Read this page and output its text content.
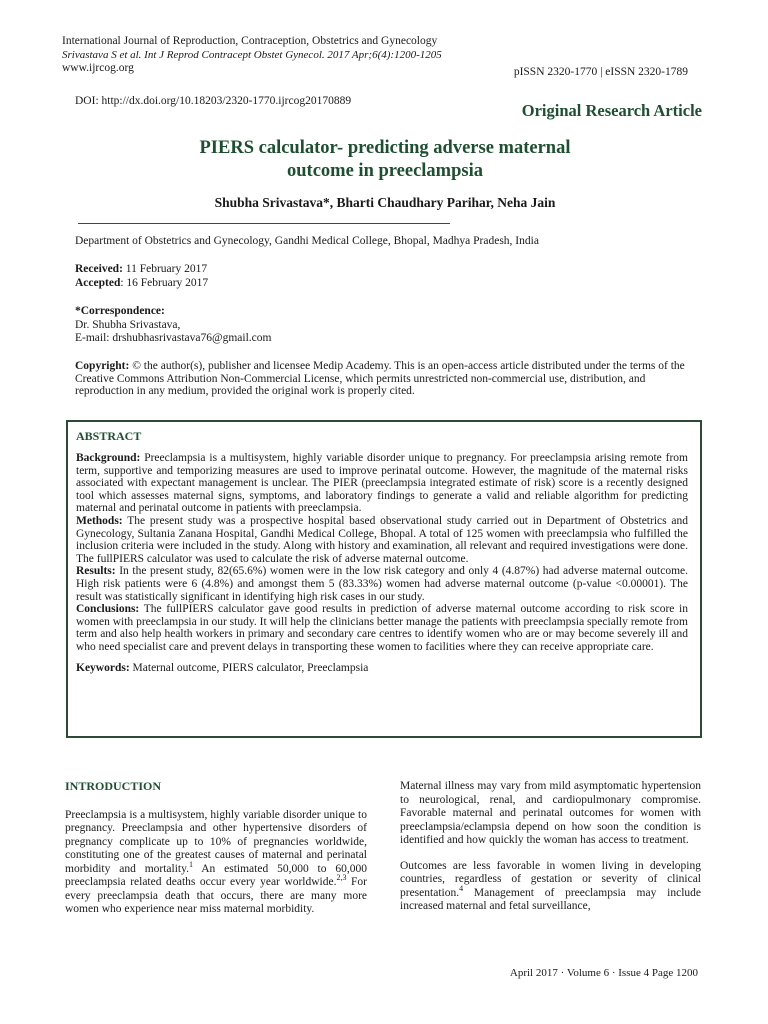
International Journal of Reproduction, Contraception, Obstetrics and Gynecology
Srivastava S et al. Int J Reprod Contracept Obstet Gynecol. 2017 Apr;6(4):1200-1205
www.ijrcog.org	pISSN 2320-1770 | eISSN 2320-1789
DOI: http://dx.doi.org/10.18203/2320-1770.ijrcog20170889	Original Research Article
PIERS calculator- predicting adverse maternal
outcome in preeclampsia
Shubha Srivastava*, Bharti Chaudhary Parihar, Neha Jain
Department of Obstetrics and Gynecology, Gandhi Medical College, Bhopal, Madhya Pradesh, India
Received: 11 February 2017
Accepted: 16 February 2017
*Correspondence:
Dr. Shubha Srivastava,
E-mail: drshubhasrivastava76@gmail.com
Copyright: © the author(s), publisher and licensee Medip Academy. This is an open-access article distributed under the terms of the Creative Commons Attribution Non-Commercial License, which permits unrestricted non-commercial use, distribution, and reproduction in any medium, provided the original work is properly cited.
ABSTRACT

Background: Preeclampsia is a multisystem, highly variable disorder unique to pregnancy. For preeclampsia arising remote from term, supportive and temporizing measures are used to improve perinatal outcome. However, the magnitude of the maternal risks associated with expectant management is unclear. The PIER (preeclampsia integrated estimate of risk) score is a recently designed tool which assesses maternal signs, symptoms, and laboratory findings to generate a valid and reliable algorithm for predicting maternal and perinatal outcome in patients with preeclampsia.

Methods: The present study was a prospective hospital based observational study carried out in Department of Obstetrics and Gynecology, Sultania Zanana Hospital, Gandhi Medical College, Bhopal. A total of 125 women with preeclampsia who fulfilled the inclusion criteria were included in the study. Along with history and examination, all relevant and required investigations were done. The fullPIERS calculator was used to calculate the risk of adverse maternal outcome.

Results: In the present study, 82(65.6%) women were in the low risk category and only 4 (4.87%) had adverse maternal outcome. High risk patients were 6 (4.8%) and amongst them 5 (83.33%) women had adverse maternal outcome (p-value <0.00001). The result was statistically significant in identifying high risk cases in our study.

Conclusions: The fullPIERS calculator gave good results in prediction of adverse maternal outcome according to risk score in women with preeclampsia in our study. It will help the clinicians better manage the patients with preeclampsia specially remote from term and also help health workers in primary and secondary care centres to identify women who are or may become severely ill and who need specialist care and prevent delays in transporting these women to facilities where they can receive appropriate care.

Keywords: Maternal outcome, PIERS calculator, Preeclampsia

INTRODUCTION

Preeclampsia is a multisystem, highly variable disorder unique to pregnancy. Preeclampsia and other hypertensive disorders of pregnancy complicate up to 10% of pregnancies worldwide, constituting one of the greatest causes of maternal and perinatal morbidity and mortality.$^1$ An estimated 50,000 to 60,000 preeclampsia related deaths occur every year worldwide.$^{2,3}$ For every preeclampsia death that occurs, there are many more women who experience near miss maternal morbidity.

Maternal illness may vary from mild asymptomatic hypertension to neurological, renal, and cardiopulmonary compromise. Favorable maternal and perinatal outcomes for women with preeclampsia/eclampsia depend on how soon the condition is identified and how quickly the woman has access to treatment.

Outcomes are less favorable in women living in developing countries, regardless of gestation or severity of clinical presentation.$^4$ Management of preeclampsia may include increased maternal and fetal surveillance,

April 2017 · Volume 6 · Issue 4 Page 1200
